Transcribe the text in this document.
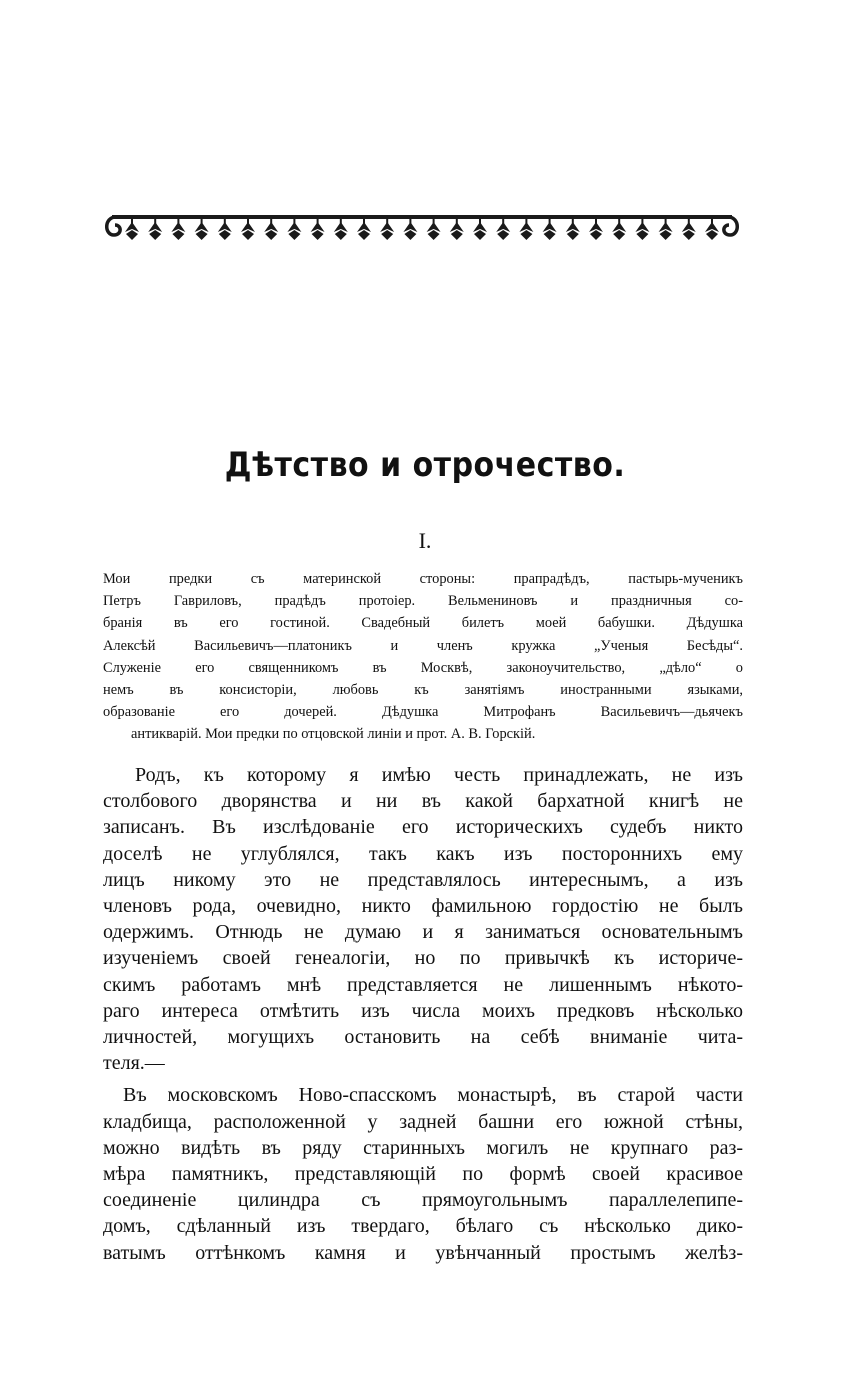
Дѣтство и отрочество.
I.
Мои предки съ материнской стороны: прапрадѣдъ, пастырь-мученикъ
Петръ Гавриловъ, прадѣдъ протоіер. Вельмениновъ и праздничныя со-
бранія въ его гостиной. Свадебный билетъ моей бабушки. Дѣдушка
Алексѣй Васильевичъ—платоникъ и членъ кружка „Ученыя Бесѣды“.
Служеніе его священникомъ въ Москвѣ, законоучительство, „дѣло“ о
немъ въ консисторіи, любовь къ занятіямъ иностранными языками,
образованіе его дочерей. Дѣдушка Митрофанъ Васильевичъ—дьячекъ
антикварій. Мои предки по отцовской линіи и прот. А. В. Горскій.
Родъ, къ которому я имѣю честь принадлежать, не изъ
столбового дворянства и ни въ какой бархатной книгѣ не
записанъ. Въ изслѣдованіе его историческихъ судебъ никто
доселѣ не углублялся, такъ какъ изъ постороннихъ ему
лицъ никому это не представлялось интереснымъ, а изъ
членовъ рода, очевидно, никто фамильною гордостію не былъ
одержимъ. Отнюдь не думаю и я заниматься основательнымъ
изученіемъ своей генеалогіи, но по привычкѣ къ историче-
скимъ работамъ мнѣ представляется не лишеннымъ нѣкото-
раго интереса отмѣтить изъ числа моихъ предковъ нѣсколько
личностей, могущихъ остановить на себѣ вниманіе чита-
теля.—
Въ московскомъ Ново-спасскомъ монастырѣ, въ старой части
кладбища, расположенной у задней башни его южной стѣны,
можно видѣть въ ряду старинныхъ могилъ не крупнаго раз-
мѣра памятникъ, представляющій по формѣ своей красивое
соединеніе цилиндра съ прямоугольнымъ параллелепипе-
домъ, сдѣланный изъ твердаго, бѣлаго съ нѣсколько дико-
ватымъ оттѣнкомъ камня и увѣнчанный простымъ желѣз-
